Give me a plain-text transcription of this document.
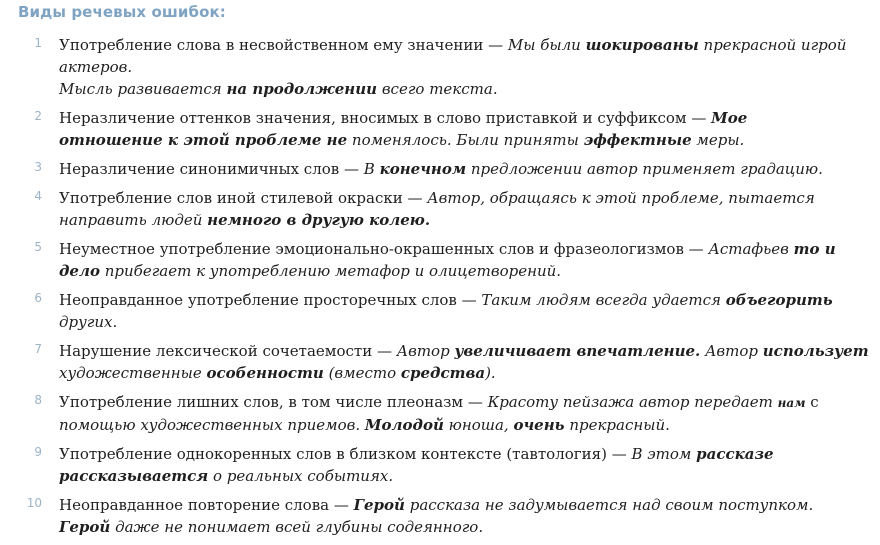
Виды речевых ошибок:
1 Употребление слова в несвойственном ему значении — Мы были шокированы прекрасной игрой
актеров.
Мысль развивается на продолжении всего текста.
2 Неразличение оттенков значения, вносимых в слово приставкой и суффиксом — Мое
отношение к этой проблеме не поменялось. Были приняты эффектные меры.
3 Неразличение синонимичных слов — В конечном предложении автор применяет градацию.
4 Употребление слов иной стилевой окраски — Автор, обращаясь к этой проблеме, пытается
направить людей немного в другую колею.
5 Неуместное употребление эмоционально-окрашенных слов и фразеологизмов — Астафьев то и
дело прибегает к употреблению метафор и олицетворений.
6 Неоправданное употребление просторечных слов — Таким людям всегда удается объегорить
других.
7 Нарушение лексической сочетаемости — Автор увеличивает впечатление. Автор использует
художественные особенности (вместо средства).
8 Употребление лишних слов, в том числе плеоназм — Красоту пейзажа автор передает нам с
помощью художественных приемов. Молодой юноша, очень прекрасный.
9 Употребление однокоренных слов в близком контексте (тавтология) — В этом рассказе
рассказывается о реальных событиях.
10 Неоправданное повторение слова — Герой рассказа не задумывается над своим поступком.
Герой даже не понимает всей глубины содеянного.
